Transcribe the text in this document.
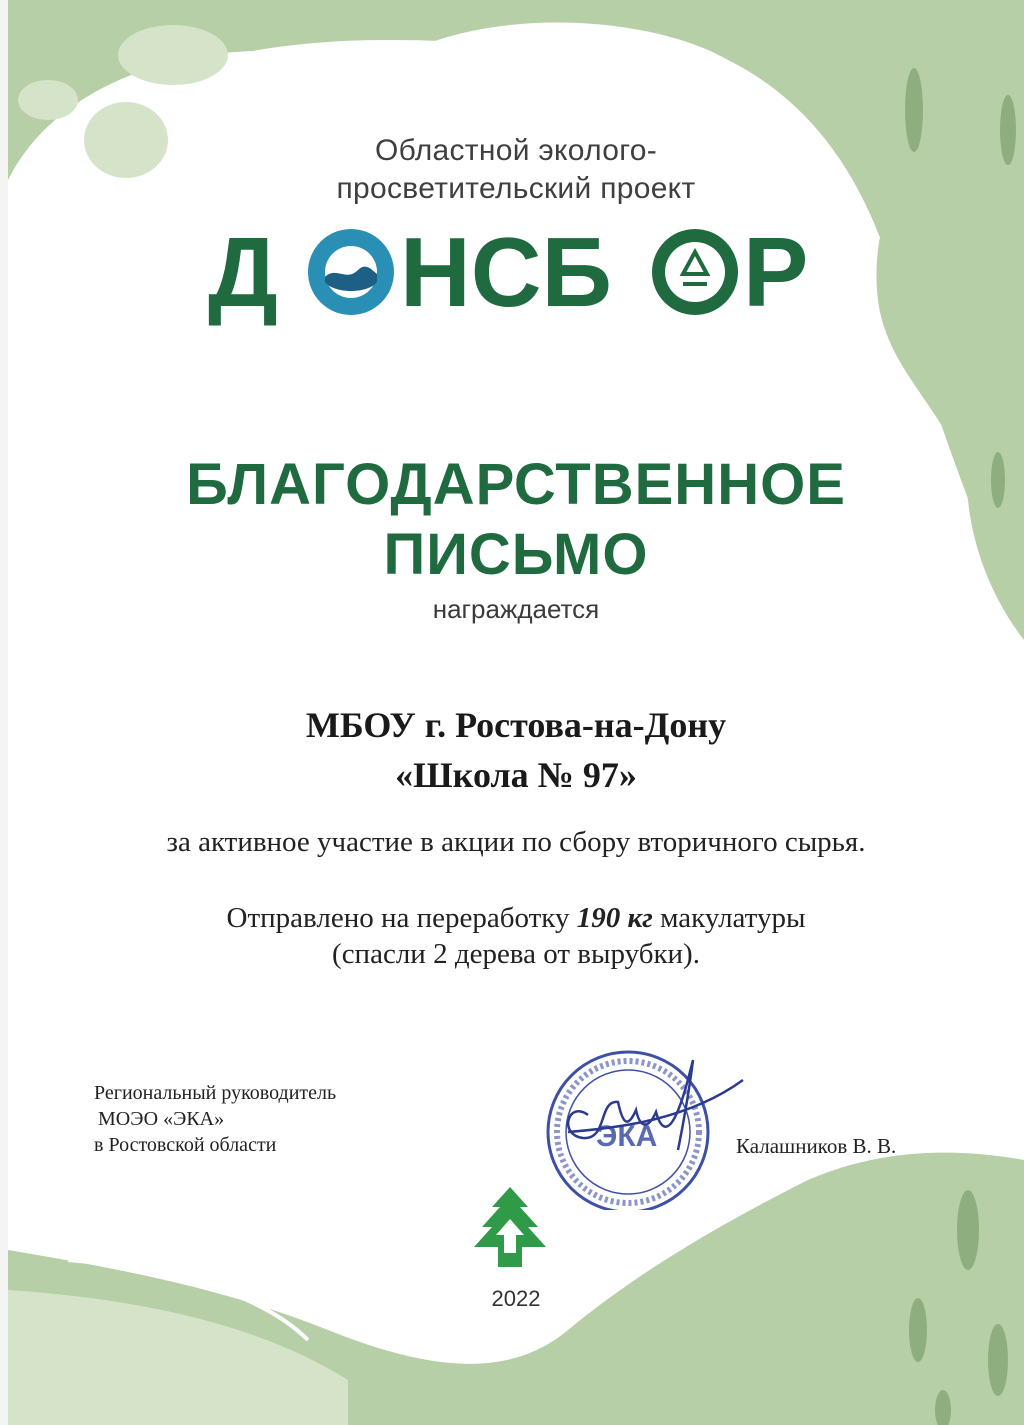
Областной эколого-
просветительский проект
Д НСБ Р
БЛАГОДАРСТВЕННОЕ
ПИСЬМО
награждается
МБОУ г. Ростова-на-Дону
«Школа № 97»
за активное участие в акции по сбору вторичного сырья.
Отправлено на переработку 190 кг макулатуры
(спасли 2 дерева от вырубки).
Региональный руководитель
МОЭО «ЭКА»
в Ростовской области	ЭКА	Калашников В. В.
2022
